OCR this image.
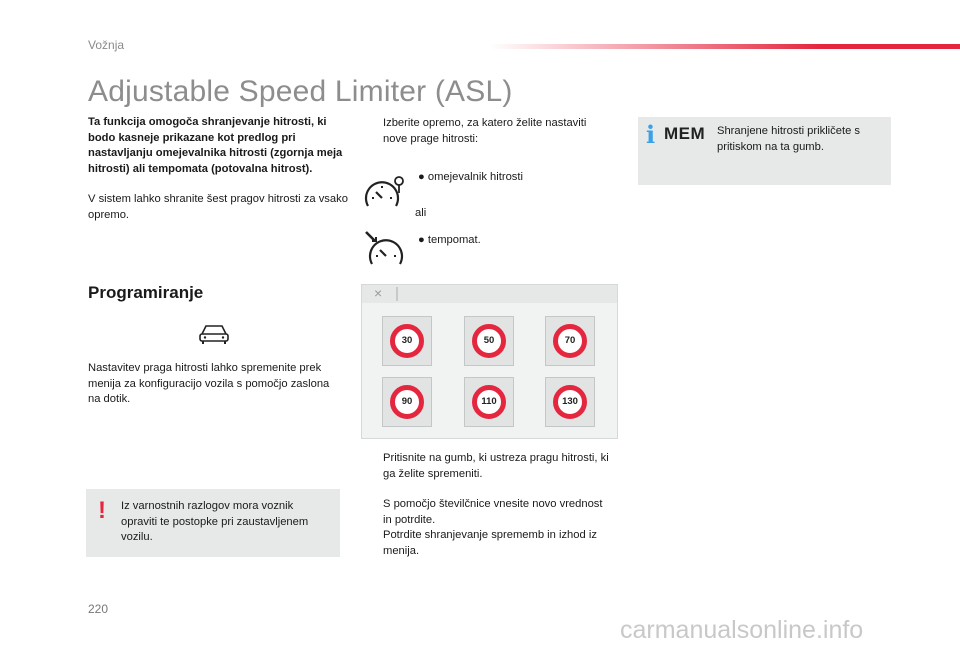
Vožnja
Adjustable Speed Limiter (ASL)
Ta funkcija omogoča shranjevanje hitrosti, ki bodo kasneje prikazane kot predlog pri nastavljanju omejevalnika hitrosti (zgornja meja hitrosti) ali tempomata (potovalna hitrost).
V sistem lahko shranite šest pragov hitrosti za vsako opremo.
Programiranje
Nastavitev praga hitrosti lahko spremenite prek menija za konfiguracijo vozila s pomočjo zaslona na dotik.
! Iz varnostnih razlogov mora voznik opraviti te postopke pri zaustavljenem vozilu.
Izberite opremo, za katero želite nastaviti nove prage hitrosti:
● omejevalnik hitrosti
ali
● tempomat.
×
30	50	70
90	110	130
Pritisnite na gumb, ki ustreza pragu hitrosti, ki ga želite spremeniti.
S pomočjo številčnice vnesite novo vrednost in potrdite.
Potrdite shranjevanje sprememb in izhod iz menija.
i MEM Shranjene hitrosti prikličete s pritiskom na ta gumb.
220
carmanualsonline.info
